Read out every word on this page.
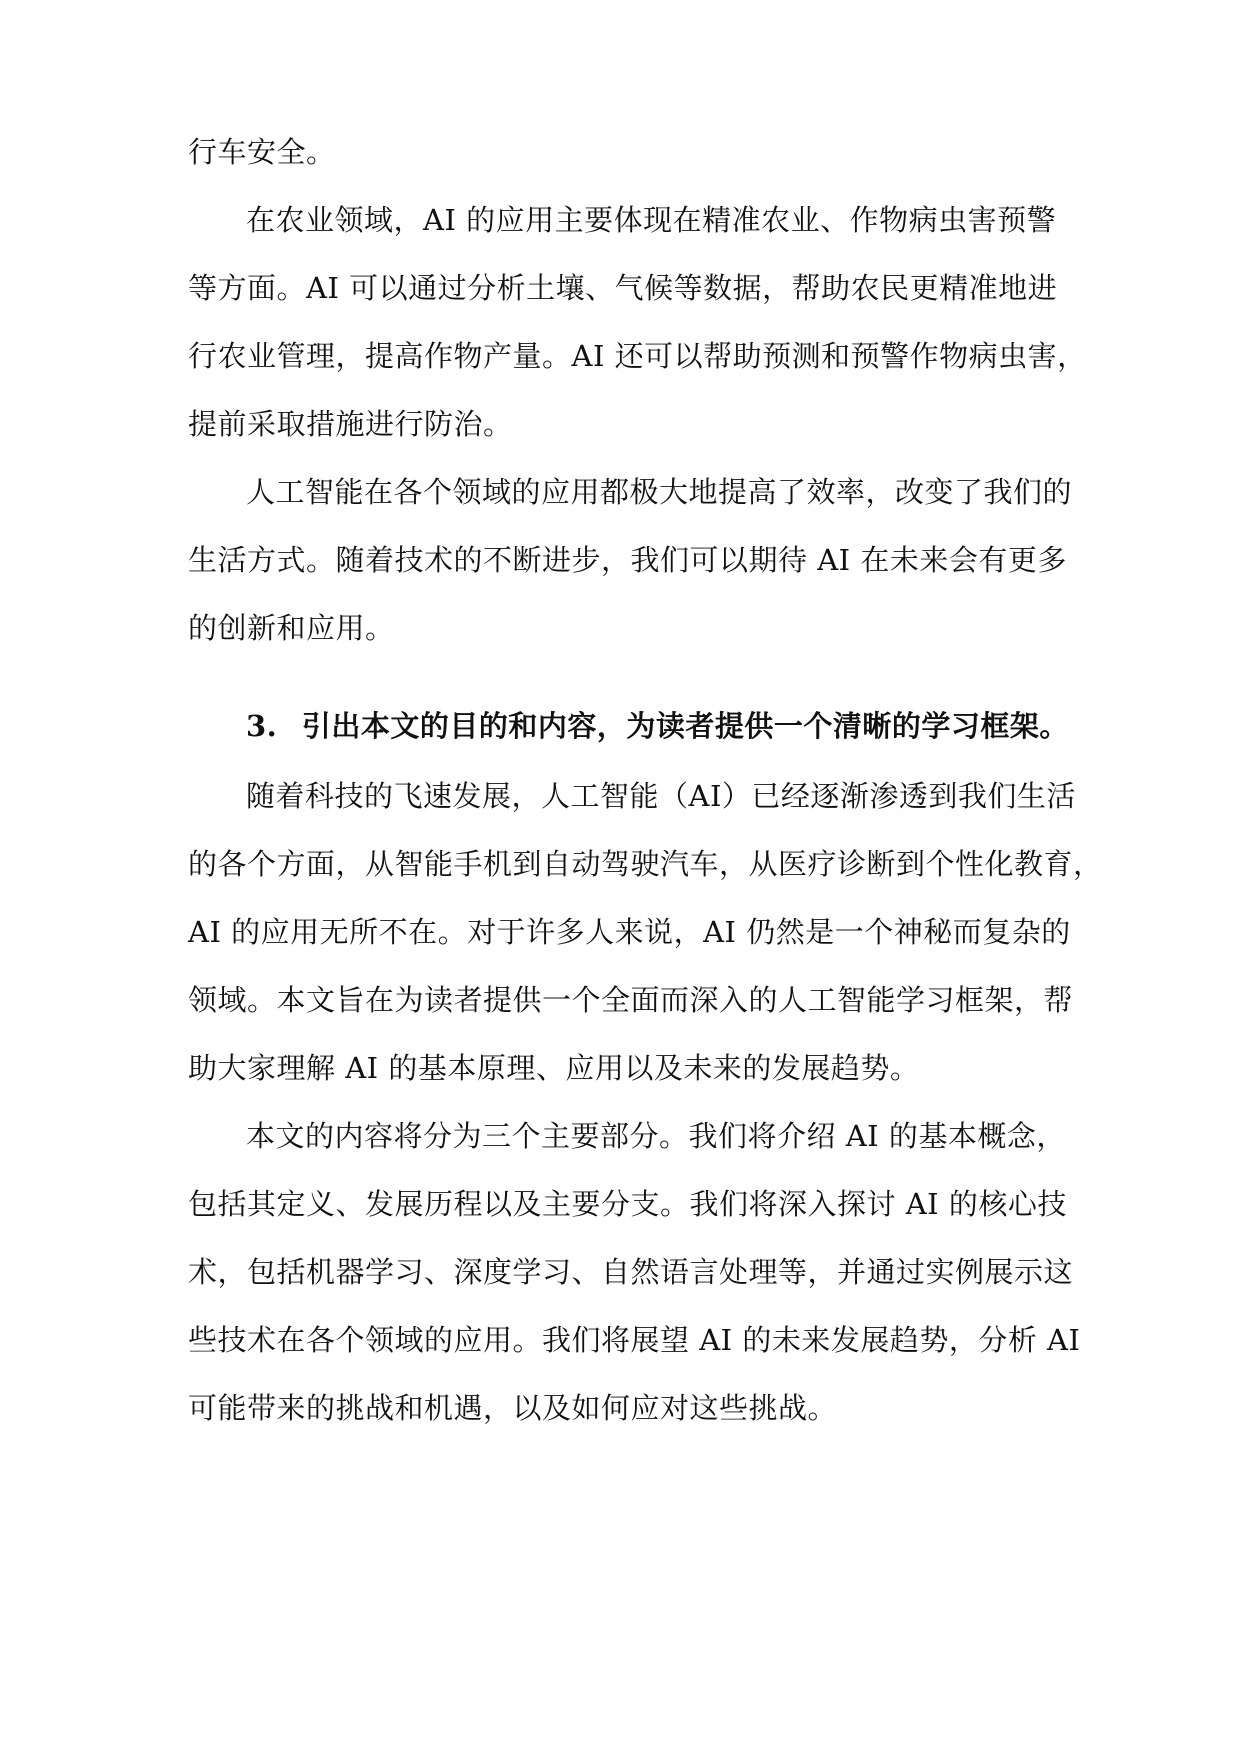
行车安全。
在农业领域，AI 的应用主要体现在精准农业、作物病虫害预警
等方面。AI 可以通过分析土壤、气候等数据，帮助农民更精准地进
行农业管理，提高作物产量。AI 还可以帮助预测和预警作物病虫害，
提前采取措施进行防治。
人工智能在各个领域的应用都极大地提高了效率，改变了我们的
生活方式。随着技术的不断进步，我们可以期待 AI 在未来会有更多
的创新和应用。
3. 引出本文的目的和内容，为读者提供一个清晰的学习框架。
随着科技的飞速发展，人工智能（AI）已经逐渐渗透到我们生活
的各个方面，从智能手机到自动驾驶汽车，从医疗诊断到个性化教育，
AI 的应用无所不在。对于许多人来说，AI 仍然是一个神秘而复杂的
领域。本文旨在为读者提供一个全面而深入的人工智能学习框架，帮
助大家理解 AI 的基本原理、应用以及未来的发展趋势。
本文的内容将分为三个主要部分。我们将介绍 AI 的基本概念，
包括其定义、发展历程以及主要分支。我们将深入探讨 AI 的核心技
术，包括机器学习、深度学习、自然语言处理等，并通过实例展示这
些技术在各个领域的应用。我们将展望 AI 的未来发展趋势，分析 AI
可能带来的挑战和机遇，以及如何应对这些挑战。
